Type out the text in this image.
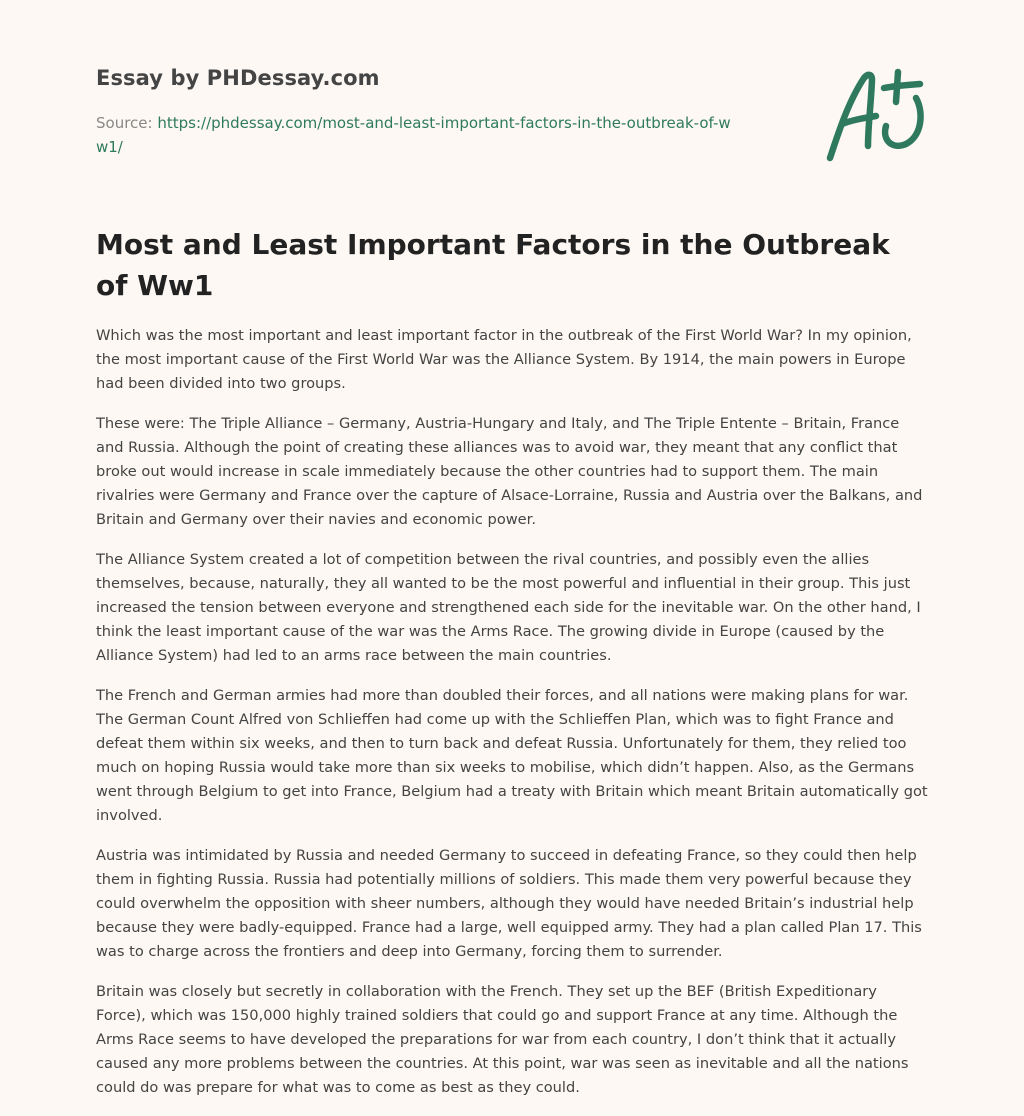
Essay by PHDessay.com
Source: https://phdessay.com/most-and-least-important-factors-in-the-outbreak-of-ww1/
Most and Least Important Factors in the Outbreak of Ww1

Which was the most important and least important factor in the outbreak of the First World War? In my opinion, the most important cause of the First World War was the Alliance System. By 1914, the main powers in Europe had been divided into two groups.

These were: The Triple Alliance – Germany, Austria-Hungary and Italy, and The Triple Entente – Britain, France and Russia. Although the point of creating these alliances was to avoid war, they meant that any conflict that broke out would increase in scale immediately because the other countries had to support them. The main rivalries were Germany and France over the capture of Alsace-Lorraine, Russia and Austria over the Balkans, and Britain and Germany over their navies and economic power.

The Alliance System created a lot of competition between the rival countries, and possibly even the allies themselves, because, naturally, they all wanted to be the most powerful and influential in their group. This just increased the tension between everyone and strengthened each side for the inevitable war. On the other hand, I think the least important cause of the war was the Arms Race. The growing divide in Europe (caused by the Alliance System) had led to an arms race between the main countries.

The French and German armies had more than doubled their forces, and all nations were making plans for war. The German Count Alfred von Schlieffen had come up with the Schlieffen Plan, which was to fight France and defeat them within six weeks, and then to turn back and defeat Russia. Unfortunately for them, they relied too much on hoping Russia would take more than six weeks to mobilise, which didn’t happen. Also, as the Germans went through Belgium to get into France, Belgium had a treaty with Britain which meant Britain automatically got involved.

Austria was intimidated by Russia and needed Germany to succeed in defeating France, so they could then help them in fighting Russia. Russia had potentially millions of soldiers. This made them very powerful because they could overwhelm the opposition with sheer numbers, although they would have needed Britain’s industrial help because they were badly-equipped. France had a large, well equipped army. They had a plan called Plan 17. This was to charge across the frontiers and deep into Germany, forcing them to surrender.

Britain was closely but secretly in collaboration with the French. They set up the BEF (British Expeditionary Force), which was 150,000 highly trained soldiers that could go and support France at any time. Although the Arms Race seems to have developed the preparations for war from each country, I don’t think that it actually caused any more problems between the countries. At this point, war was seen as inevitable and all the nations could do was prepare for what was to come as best as they could.
